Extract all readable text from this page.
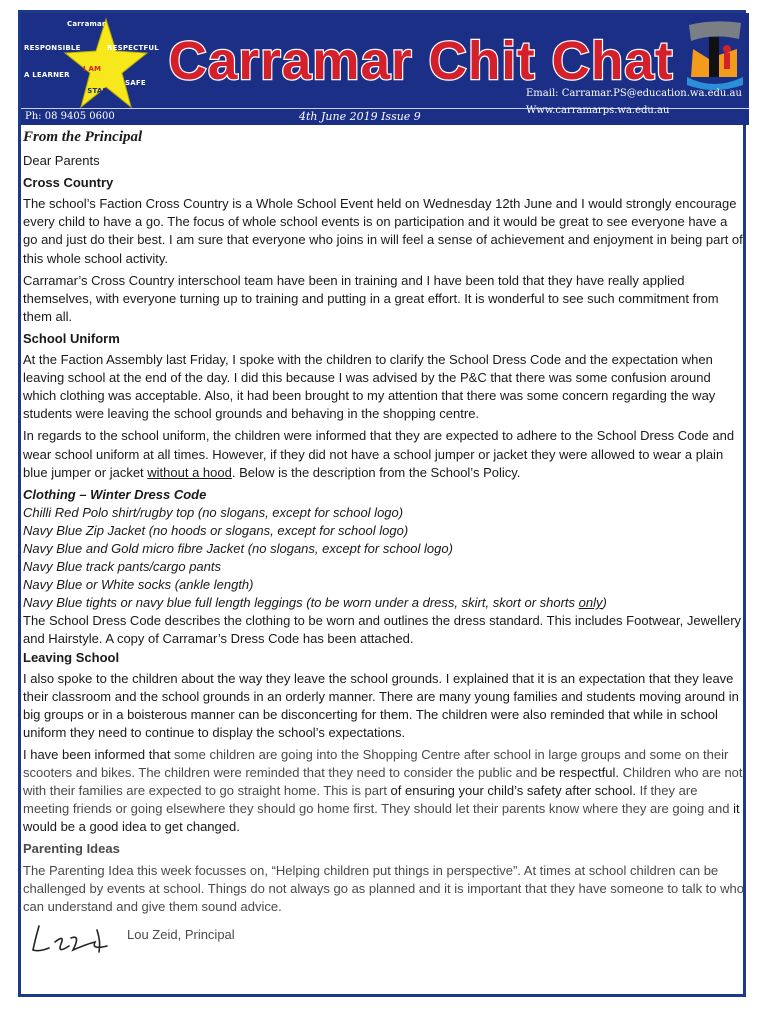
Carramar
RESPONSIBLE	RESPECTFUL
I AM
A LEARNER
SAFE
A STAR Carramar Chit Chat
Email: Carramar.PS@education.wa.edu.au
Www.carramarps.wa.edu.au
Ph: 08 9405 0600	4th June 2019 Issue 9

From the Principal

Dear Parents

Cross Country

The school’s Faction Cross Country is a Whole School Event held on Wednesday 12th June and I would strongly encourage every child to have a go. The focus of whole school events is on participation and it would be great to see everyone have a go and just do their best. I am sure that everyone who joins in will feel a sense of achievement and enjoyment in being part of this whole school activity.

Carramar’s Cross Country interschool team have been in training and I have been told that they have really applied themselves, with everyone turning up to training and putting in a great effort. It is wonderful to see such commitment from them all.

School Uniform

At the Faction Assembly last Friday, I spoke with the children to clarify the School Dress Code and the expectation when leaving school at the end of the day. I did this because I was advised by the P&C that there was some confusion around which clothing was acceptable. Also, it had been brought to my attention that there was some concern regarding the way students were leaving the school grounds and behaving in the shopping centre.

In regards to the school uniform, the children were informed that they are expected to adhere to the School Dress Code and wear school uniform at all times. However, if they did not have a school jumper or jacket they were allowed to wear a plain blue jumper or jacket without a hood. Below is the description from the School’s Policy.

Clothing – Winter Dress Code

Chilli Red Polo shirt/rugby top (no slogans, except for school logo)

Navy Blue Zip Jacket (no hoods or slogans, except for school logo)

Navy Blue and Gold micro fibre Jacket (no slogans, except for school logo)

Navy Blue track pants/cargo pants

Navy Blue or White socks (ankle length)

Navy Blue tights or navy blue full length leggings (to be worn under a dress, skirt, skort or shorts only)

The School Dress Code describes the clothing to be worn and outlines the dress standard. This includes Footwear, Jewellery and Hairstyle. A copy of Carramar’s Dress Code has been attached.

Leaving School

I also spoke to the children about the way they leave the school grounds. I explained that it is an expectation that they leave their classroom and the school grounds in an orderly manner. There are many young families and students moving around in big groups or in a boisterous manner can be disconcerting for them. The children were also reminded that while in school uniform they need to continue to display the school’s expectations.

I have been informed that some children are going into the Shopping Centre after school in large groups and some on their scooters and bikes. The children were reminded that they need to consider the public and be respectful. Children who are not with their families are expected to go straight home. This is part of ensuring your child’s safety after school. If they are meeting friends or going elsewhere they should go home first. They should let their parents know where they are going and it would be a good idea to get changed.

Parenting Ideas

The Parenting Idea this week focusses on, “Helping children put things in perspective”. At times at school children can be challenged by events at school. Things do not always go as planned and it is important that they have someone to talk to who can understand and give them sound advice.

Lou Zeid, Principal
